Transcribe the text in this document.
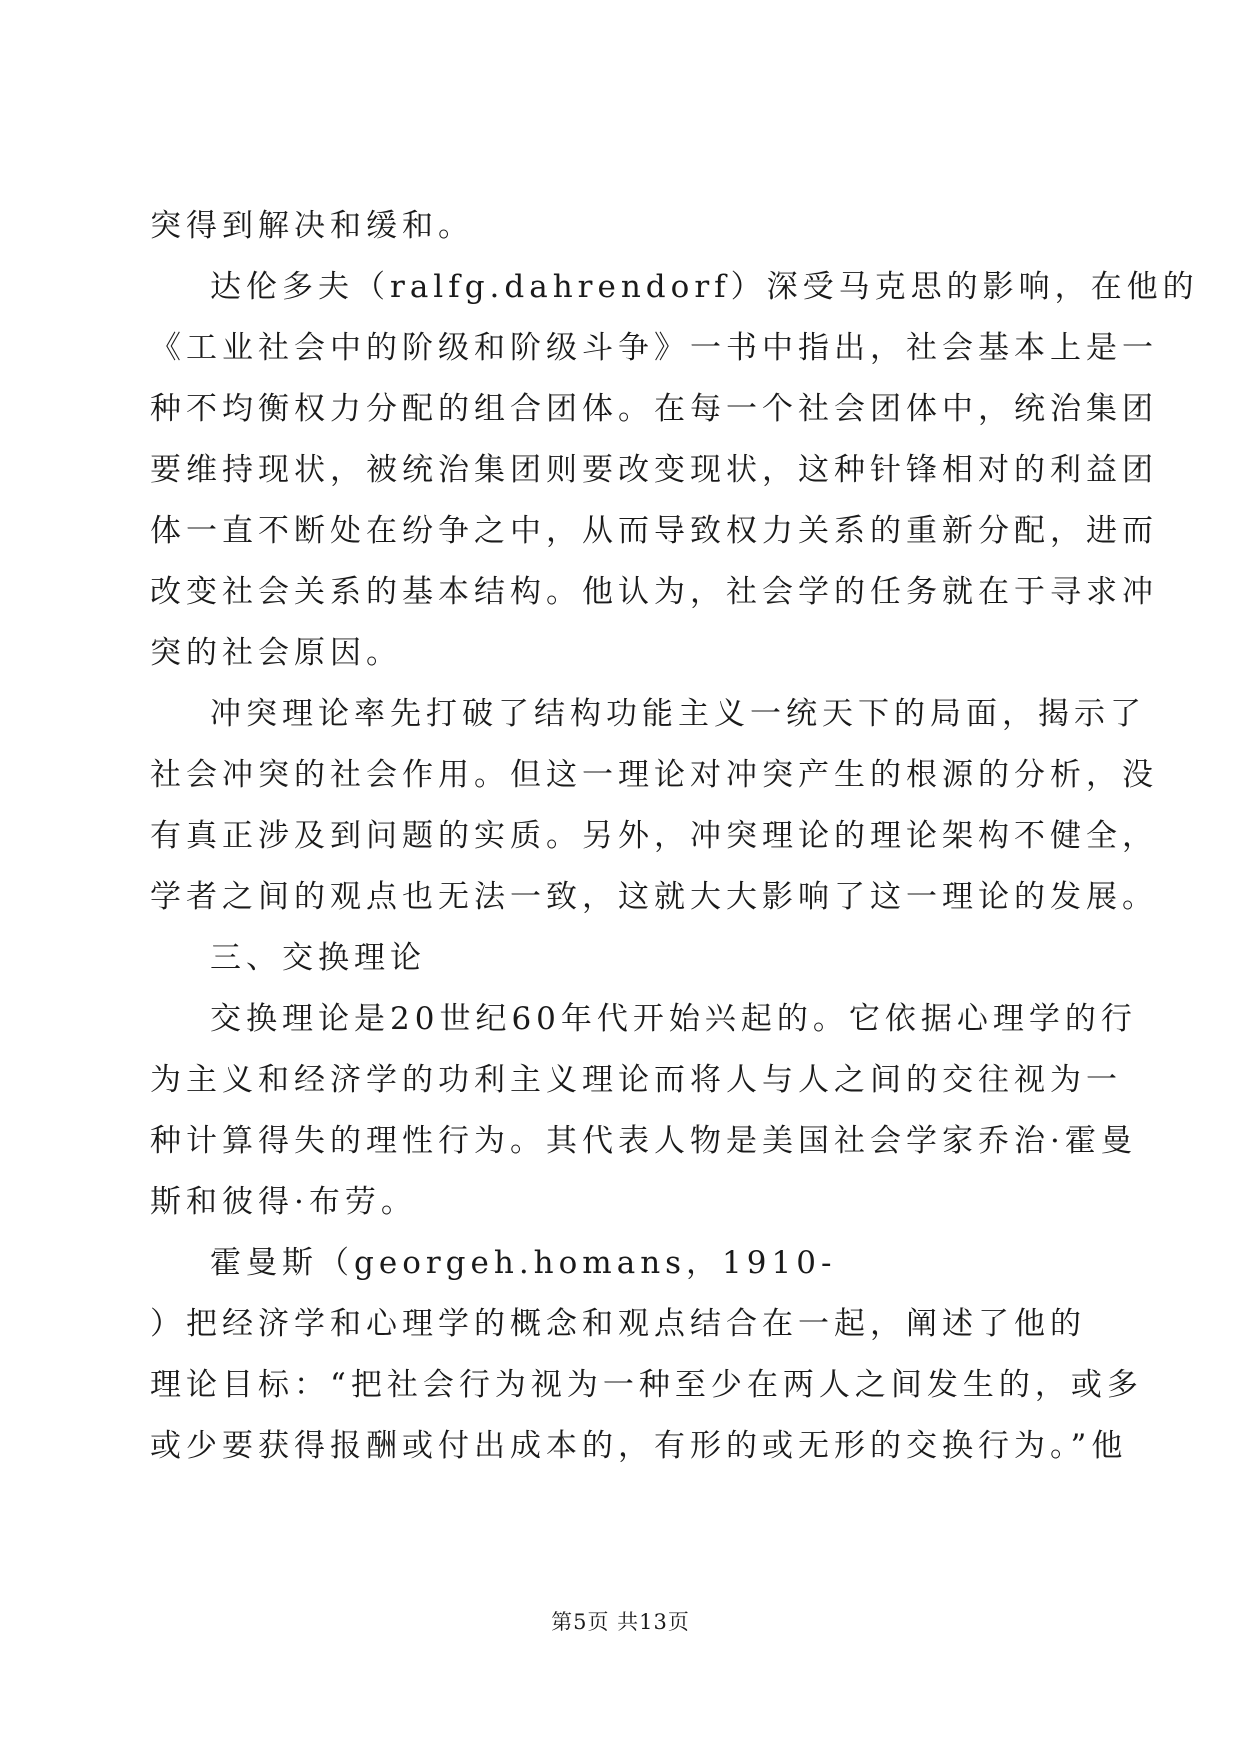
突得到解决和缓和。
达伦多夫（ralfg.dahrendorf）深受马克思的影响，在他的
《工业社会中的阶级和阶级斗争》一书中指出，社会基本上是一
种不均衡权力分配的组合团体。在每一个社会团体中，统治集团
要维持现状，被统治集团则要改变现状，这种针锋相对的利益团
体一直不断处在纷争之中，从而导致权力关系的重新分配，进而
改变社会关系的基本结构。他认为，社会学的任务就在于寻求冲
突的社会原因。
冲突理论率先打破了结构功能主义一统天下的局面，揭示了
社会冲突的社会作用。但这一理论对冲突产生的根源的分析，没
有真正涉及到问题的实质。另外，冲突理论的理论架构不健全，
学者之间的观点也无法一致，这就大大影响了这一理论的发展。
三、交换理论
交换理论是20世纪60年代开始兴起的。它依据心理学的行
为主义和经济学的功利主义理论而将人与人之间的交往视为一
种计算得失的理性行为。其代表人物是美国社会学家乔治·霍曼
斯和彼得·布劳。
霍曼斯（georgeh.homans，1910-
）把经济学和心理学的概念和观点结合在一起，阐述了他的
理论目标：“把社会行为视为一种至少在两人之间发生的，或多
或少要获得报酬或付出成本的，有形的或无形的交换行为。”他
第5页 共13页
